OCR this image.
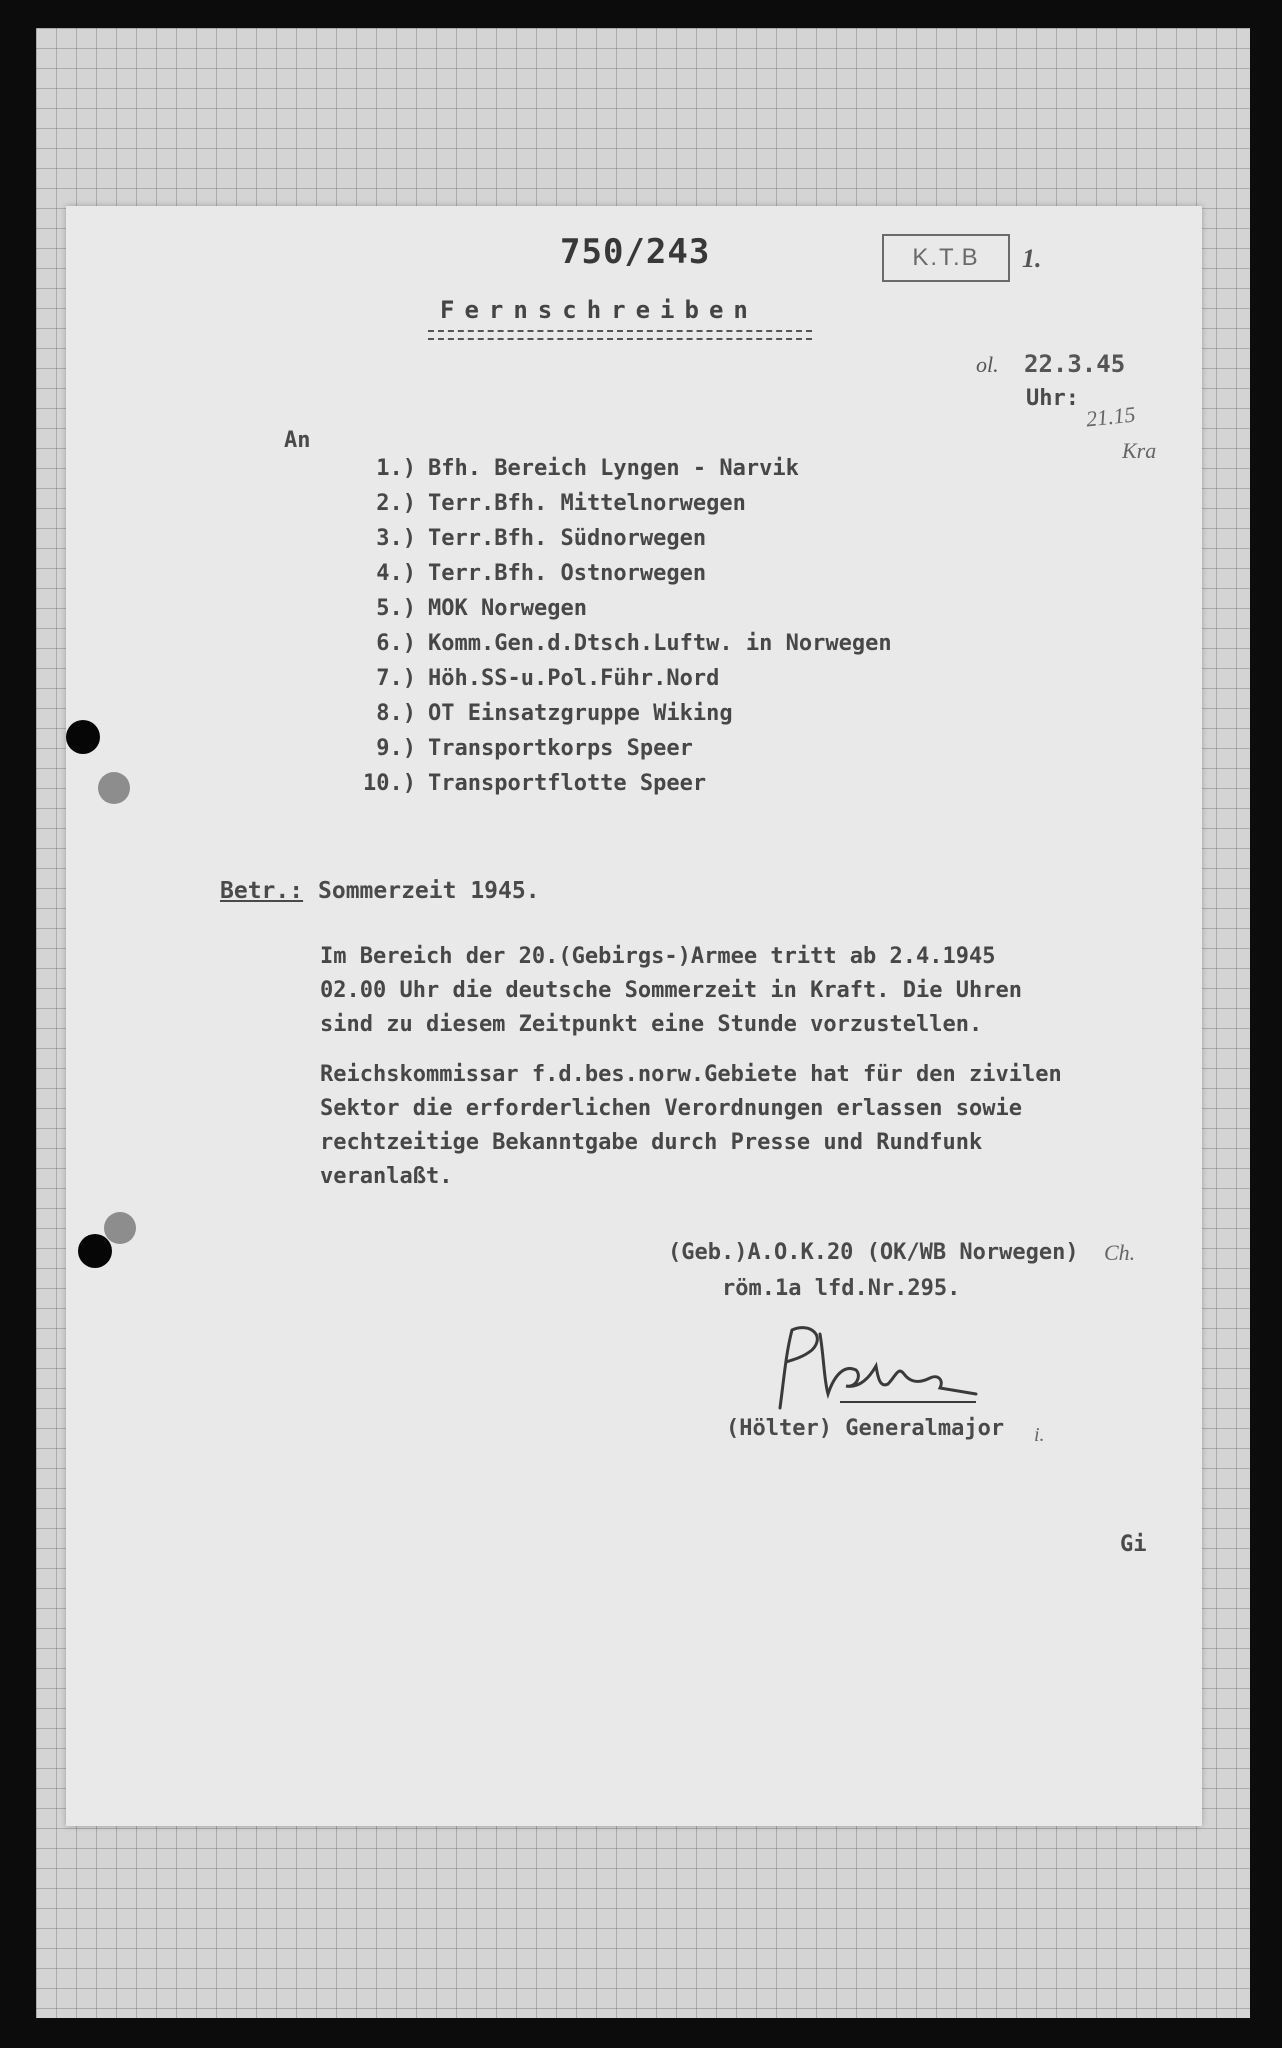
750/243	K.T.B 1.
Fernschreiben
ol. 22.3.45
Uhr:
21.15
Kra
An
1.) Bfh. Bereich Lyngen - Narvik
2.) Terr.Bfh. Mittelnorwegen
3.) Terr.Bfh. Südnorwegen
4.) Terr.Bfh. Ostnorwegen
5.) MOK Norwegen
6.) Komm.Gen.d.Dtsch.Luftw. in Norwegen
7.) Höh.SS-u.Pol.Führ.Nord
8.) OT Einsatzgruppe Wiking
9.) Transportkorps Speer
10.) Transportflotte Speer
Betr.: Sommerzeit 1945.
Im Bereich der 20.(Gebirgs-)Armee tritt ab 2.4.1945
02.00 Uhr die deutsche Sommerzeit in Kraft. Die Uhren
sind zu diesem Zeitpunkt eine Stunde vorzustellen.
Reichskommissar f.d.bes.norw.Gebiete hat für den zivilen
Sektor die erforderlichen Verordnungen erlassen sowie
rechtzeitige Bekanntgabe durch Presse und Rundfunk
veranlaßt.
(Geb.)A.O.K.20 (OK/WB Norwegen) Ch.
röm.1a lfd.Nr.295.
(Hölter) Generalmajor i.
Gi
